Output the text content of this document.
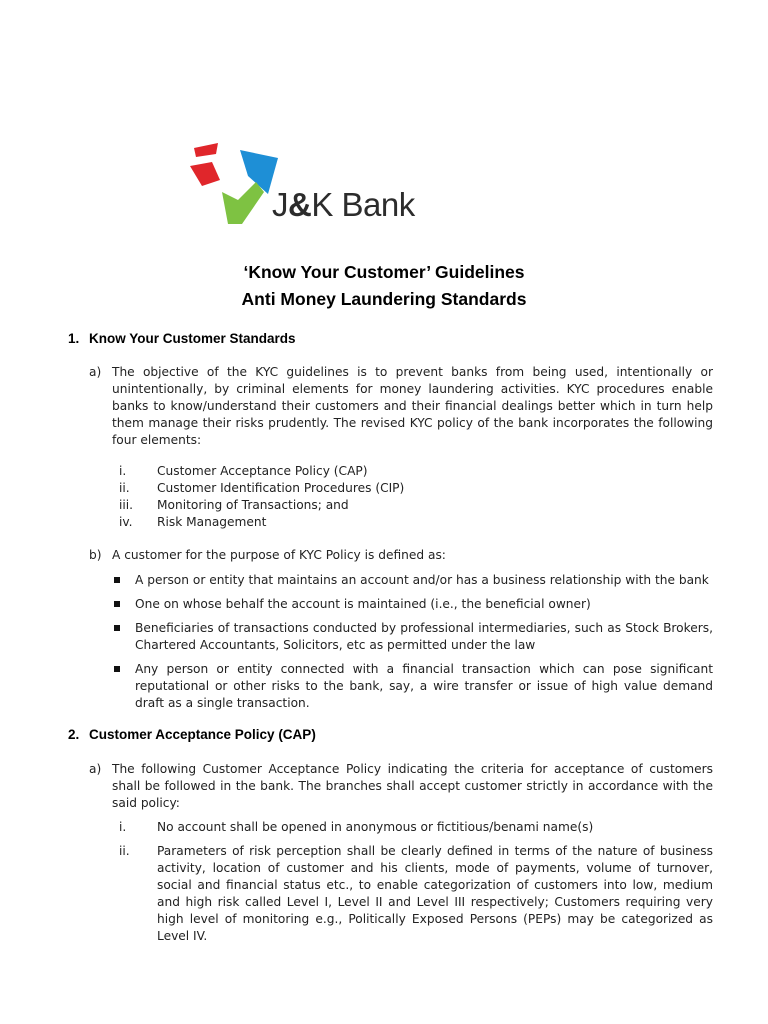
J&K Bank
‘Know Your Customer’ Guidelines
Anti Money Laundering Standards
1. Know Your Customer Standards
a) The objective of the KYC guidelines is to prevent banks from being used, intentionally or unintentionally, by criminal elements for money laundering activities. KYC procedures enable banks to know/understand their customers and their financial dealings better which in turn help them manage their risks prudently. The revised KYC policy of the bank incorporates the following four elements:
i.	Customer Acceptance Policy (CAP)
ii. Customer Identification Procedures (CIP)
iii. Monitoring of Transactions; and
iv. Risk Management
b) A customer for the purpose of KYC Policy is defined as:
A person or entity that maintains an account and/or has a business relationship with the bank
One on whose behalf the account is maintained (i.e., the beneficial owner)
Beneficiaries of transactions conducted by professional intermediaries, such as Stock Brokers, Chartered Accountants, Solicitors, etc as permitted under the law
Any person or entity connected with a financial transaction which can pose significant reputational or other risks to the bank, say, a wire transfer or issue of high value demand draft as a single transaction.
2. Customer Acceptance Policy (CAP)
a) The following Customer Acceptance Policy indicating the criteria for acceptance of customers shall be followed in the bank. The branches shall accept customer strictly in accordance with the said policy:
i.	No account shall be opened in anonymous or fictitious/benami name(s)
ii. Parameters of risk perception shall be clearly defined in terms of the nature of business activity, location of customer and his clients, mode of payments, volume of turnover, social and financial status etc., to enable categorization of customers into low, medium and high risk called Level I, Level II and Level III respectively; Customers requiring very high level of monitoring e.g., Politically Exposed Persons (PEPs) may be categorized as Level IV.
